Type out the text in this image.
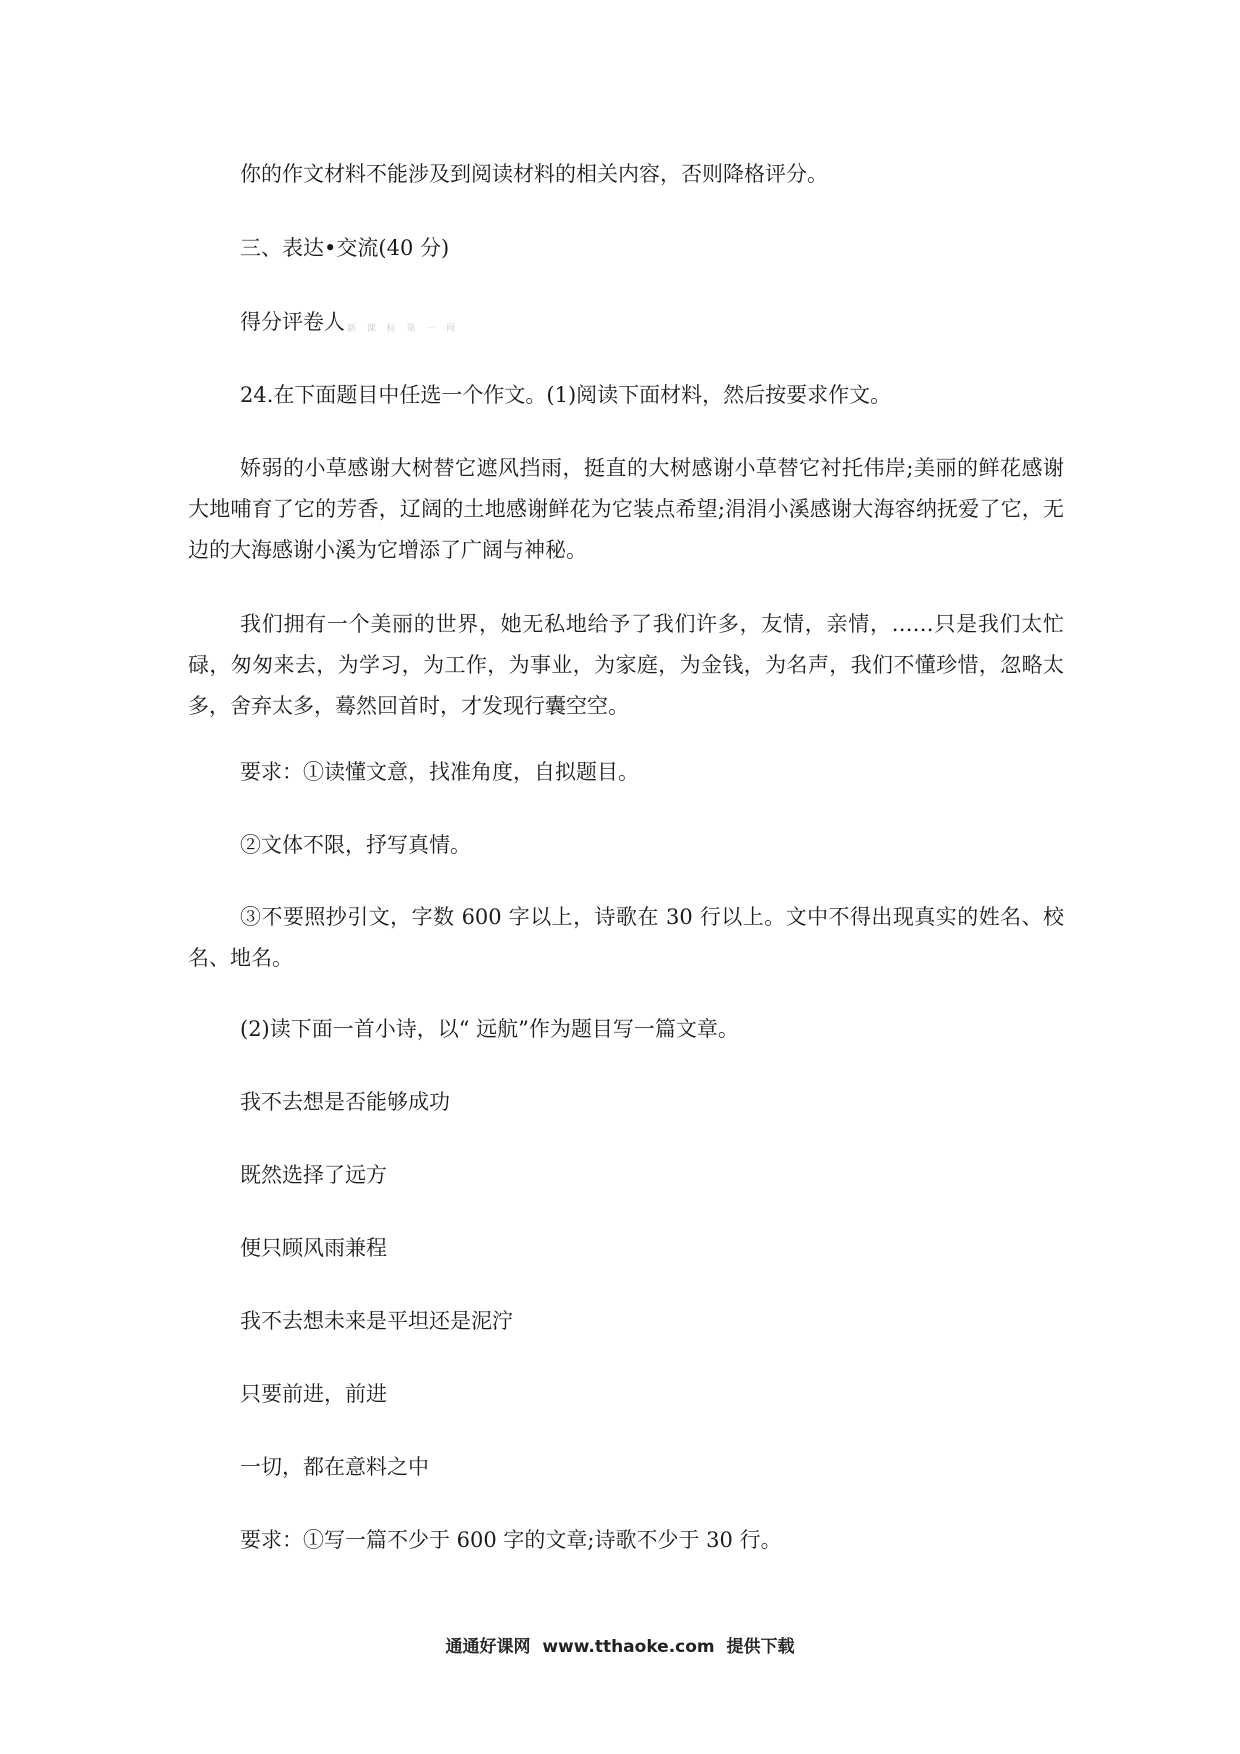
你的作文材料不能涉及到阅读材料的相关内容，否则降格评分。
三、表达•交流(40 分)
得分评卷人 新 课 标 第 一 网
24.在下面题目中任选一个作文。(1)阅读下面材料，然后按要求作文。
娇弱的小草感谢大树替它遮风挡雨，挺直的大树感谢小草替它衬托伟岸;美丽的鲜花感谢大地哺育了它的芳香，辽阔的土地感谢鲜花为它装点希望;涓涓小溪感谢大海容纳抚爱了它，无边的大海感谢小溪为它增添了广阔与神秘。
我们拥有一个美丽的世界，她无私地给予了我们许多，友情，亲情，……只是我们太忙碌，匆匆来去，为学习，为工作，为事业，为家庭，为金钱，为名声，我们不懂珍惜，忽略太多，舍弃太多，蓦然回首时，才发现行囊空空。
要求：①读懂文意，找准角度，自拟题目。
②文体不限，抒写真情。
③不要照抄引文，字数 600 字以上，诗歌在 30 行以上。文中不得出现真实的姓名、校名、地名。
(2)读下面一首小诗，以“ 远航”作为题目写一篇文章。
我不去想是否能够成功
既然选择了远方
便只顾风雨兼程
我不去想未来是平坦还是泥泞
只要前进，前进
一切，都在意料之中
要求：①写一篇不少于 600 字的文章;诗歌不少于 30 行。
通通好课网  www.tthaoke.com  提供下载
